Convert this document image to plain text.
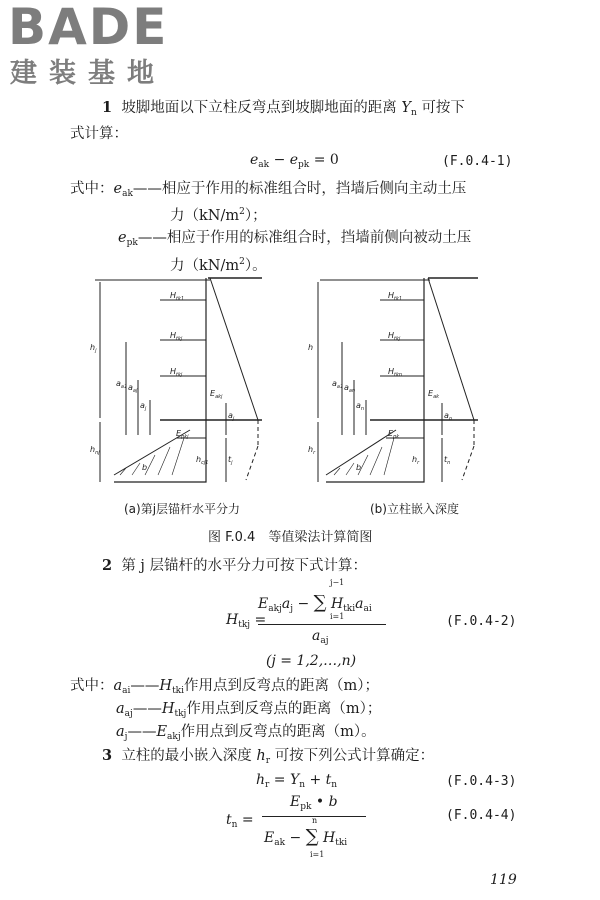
BADE
建装基地
1 坡脚地面以下立柱反弯点到坡脚地面的距离 $Y_n$ 可按下
式计算：
$e_{ak} - e_{pk} = 0$	(F.0.4-1)
式中：$e_{ak}——$相应于作用的标准组合时，挡墙后侧向主动土压
力$(kN/m^2)$；
$e_{pk}——$相应于作用的标准组合时，挡墙前侧向被动土压
力$(kN/m^2)$。
$H_{tk1}$
$H_{tkj}$
$H_{tkj}$
$E_{akj}$
$E_{pkj}$
$h_j$
$h_{nj}$
$a_{a1}$ $a_{aj}$
$a_j$
$a_j$
$h_{cj1}$ $t_j$
b
$H_{tk1}$
$H_{tkj}$
$H_{tkn}$
$E_{ak}$
$E_{pk}$
h
$h_r$
$a_{a1}$ $a_{an}$
$a_n$
$a_o$
$t_n$
$h_r$
b
(a)第j层锚杆水平分力	(b)立柱嵌入深度
图 F.0.4　等值梁法计算简图
2 第 j 层锚杆的水平分力可按下式计算：
$H_{tkj}$ =
j−1
$E_{akj}a_j$ − ∑ $H_{tki}a_{ai}$
i=1
$a_{aj}$
(F.0.4-2)
(j = 1,2,…,n)
式中：$a_{ai}——H_{tki}$作用点到反弯点的距离（m）；
$a_{aj}——H_{tkj}$作用点到反弯点的距离（m）；
$a_j——E_{akj}$作用点到反弯点的距离（m）。
3 立柱的最小嵌入深度 $h_r$ 可按下列公式计算确定：
$h_r = Y_n + t_n$	(F.0.4-3)
$t_n$ =
$E_{pk}$ • b
n
$E_{ak}$ − ∑ $H_{tki}$
i=1
(F.0.4-4)
119
